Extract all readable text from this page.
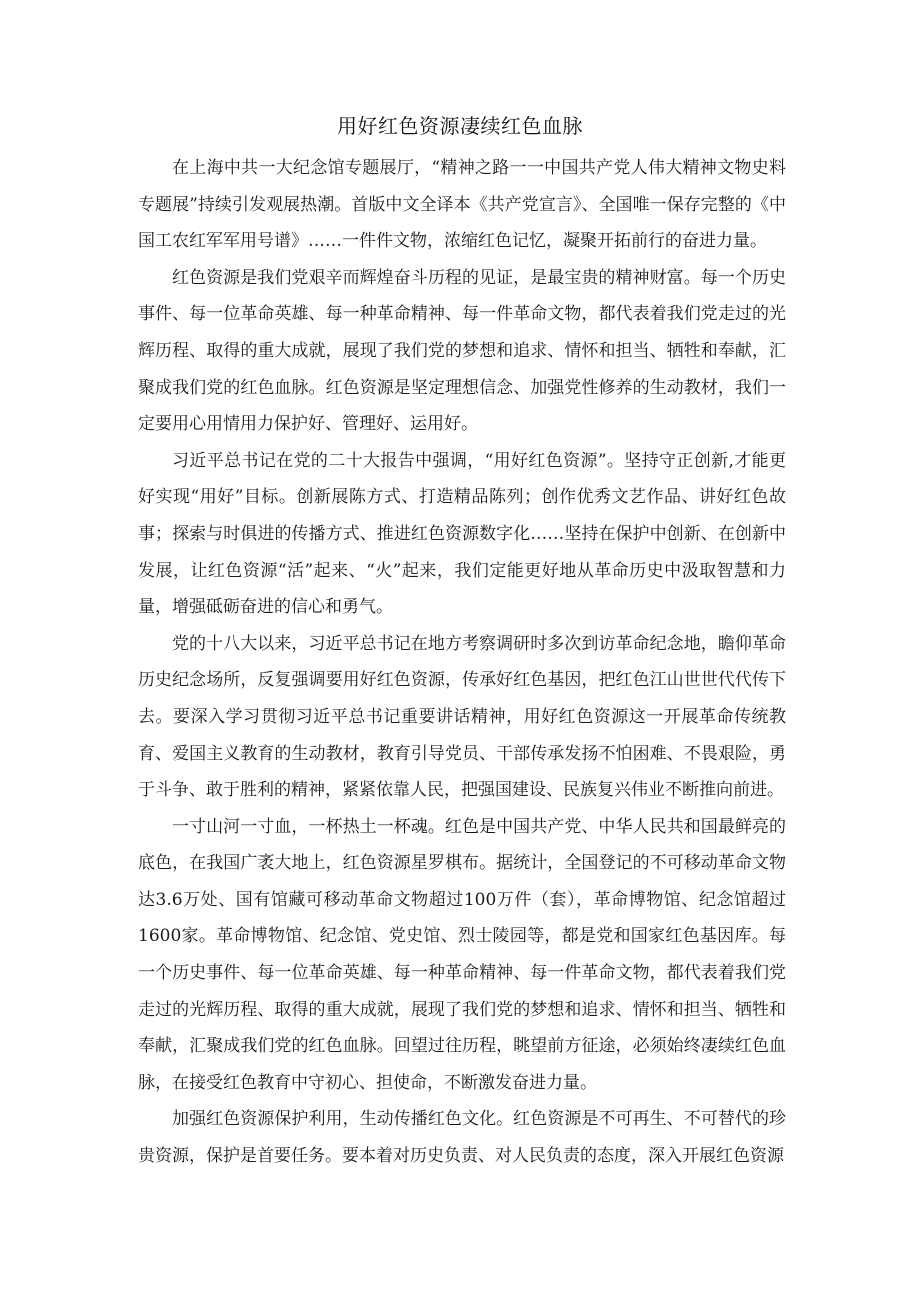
用好红色资源凄续红色血脉

在上海中共一大纪念馆专题展厅，“精神之路一一中国共产党人伟大精神文物史料专题展”持续引发观展热潮。首版中文全译本《共产党宣言》、全国唯一保存完整的《中国工农红军军用号谱》……一件件文物，浓缩红色记忆，凝聚开拓前行的奋进力量。

红色资源是我们党艰辛而辉煌奋斗历程的见证，是最宝贵的精神财富。每一个历史事件、每一位革命英雄、每一种革命精神、每一件革命文物，都代表着我们党走过的光辉历程、取得的重大成就，展现了我们党的梦想和追求、情怀和担当、牺牲和奉献，汇聚成我们党的红色血脉。红色资源是坚定理想信念、加强党性修养的生动教材，我们一定要用心用情用力保护好、管理好、运用好。

习近平总书记在党的二十大报告中强调，“用好红色资源”。坚持守正创新,才能更好实现“用好”目标。创新展陈方式、打造精品陈列；创作优秀文艺作品、讲好红色故事；探索与时俱进的传播方式、推进红色资源数字化……坚持在保护中创新、在创新中发展，让红色资源“活”起来、“火”起来，我们定能更好地从革命历史中汲取智慧和力量，增强砥砺奋进的信心和勇气。

党的十八大以来，习近平总书记在地方考察调研时多次到访革命纪念地，瞻仰革命历史纪念场所，反复强调要用好红色资源，传承好红色基因，把红色江山世世代代传下去。要深入学习贯彻习近平总书记重要讲话精神，用好红色资源这一开展革命传统教育、爱国主义教育的生动教材，教育引导党员、干部传承发扬不怕困难、不畏艰险，勇于斗争、敢于胜利的精神，紧紧依靠人民，把强国建设、民族复兴伟业不断推向前进。

一寸山河一寸血，一杯热土一杯魂。红色是中国共产党、中华人民共和国最鲜亮的底色，在我国广袤大地上，红色资源星罗棋布。据统计，全国登记的不可移动革命文物达3.6万处、国有馆藏可移动革命文物超过100万件（套），革命博物馆、纪念馆超过1600家。革命博物馆、纪念馆、党史馆、烈士陵园等，都是党和国家红色基因库。每一个历史事件、每一位革命英雄、每一种革命精神、每一件革命文物，都代表着我们党走过的光辉历程、取得的重大成就，展现了我们党的梦想和追求、情怀和担当、牺牲和奉献，汇聚成我们党的红色血脉。回望过往历程，眺望前方征途，必须始终凄续红色血脉，在接受红色教育中守初心、担使命，不断激发奋进力量。

加强红色资源保护利用，生动传播红色文化。红色资源是不可再生、不可替代的珍贵资源，保护是首要任务。要本着对历史负责、对人民负责的态度，深入开展红色资源
